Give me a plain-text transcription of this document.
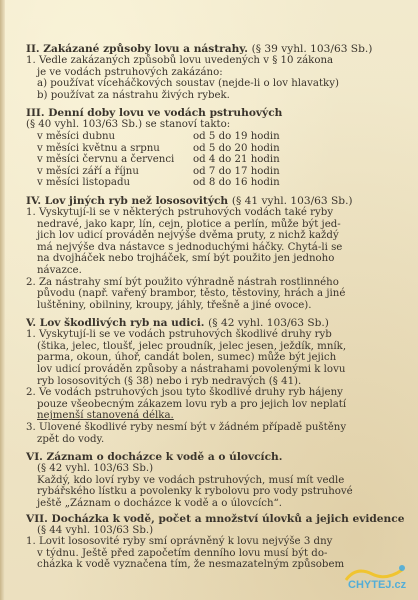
II. Zakázané způsoby lovu a nástrahy. (§ 39 vyhl. 103/63 Sb.)

1. Vedle zakázaných způsobů lovu uvedených v § 10 zákona

je ve vodách pstruhových zakázáno:

a) používat víceháčkových soustav (nejde-li o lov hlavatky)

b) používat za nástrahu živých rybek.

III. Denní doby lovu ve vodách pstruhových

(§ 40 vyhl. 103/63 Sb.) se stanoví takto:

v měsíci dubnu	od 5 do 19 hodin
v měsíci květnu a srpnu	od 5 do 20 hodin
v měsíci červnu a červenci	od 4 do 21 hodin
v měsíci září a říjnu	od 7 do 17 hodin
v měsíci listopadu	od 8 do 16 hodin

IV. Lov jiných ryb než lososovitých (§ 41 vyhl. 103/63 Sb.)

1. Vyskytují-li se v některých pstruhových vodách také ryby

nedravé, jako kapr, lín, cejn, plotice a perlín, může být jed-

jich lov udicí prováděn nejvýše dvěma pruty, z nichž každý

má nejvýše dva nástavce s jednoduchými háčky. Chytá-li se

na dvojháček nebo trojháček, smí být použito jen jednoho

návazce.

2. Za nástrahy smí být použito výhradně nástrah rostlinného

původu (např. vařený brambor, těsto, těstoviny, hrách a jiné

luštěniny, obilniny, kroupy, jáhly, třešně a jiné ovoce).

V. Lov škodlivých ryb na udici. (§ 42 vyhl. 103/63 Sb.)

1. Vyskytují-li se ve vodách pstruhových škodlivé druhy ryb

(štika, jelec, tloušť, jelec proudník, jelec jesen, ježdík, mník,

parma, okoun, úhoř, candát bolen, sumec) může být jejich

lov udicí prováděn způsoby a nástrahami povolenými k lovu

ryb lososovitých (§ 38) nebo i ryb nedravých (§ 41).

2. Ve vodách pstruhových jsou tyto škodlivé druhy ryb hájeny

pouze všeobecným zákazem lovu ryb a pro jejich lov neplatí

nejmenší stanovená délka.

3. Ulovené škodlivé ryby nesmí být v žádném případě puštěny

zpět do vody.

VI. Záznam o docházce k vodě a o úlovcích.

(§ 42 vyhl. 103/63 Sb.)

Každý, kdo loví ryby ve vodách pstruhových, musí mít vedle

rybářského lístku a povolenky k rybolovu pro vody pstruhové

ještě „Záznam o docházce k vodě a o úlovcích“.

VII. Docházka k vodě, počet a množství úlovků a jejich evidence

(§ 44 vyhl. 103/63 Sb.)

1. Lovit lososovité ryby smí oprávněný k lovu nejvýše 3 dny

v týdnu. Ještě před započetím denního lovu musí být do-

cházka k vodě vyznačena tím, že nesmazatelným způsobem

CHYTEJ.cz
